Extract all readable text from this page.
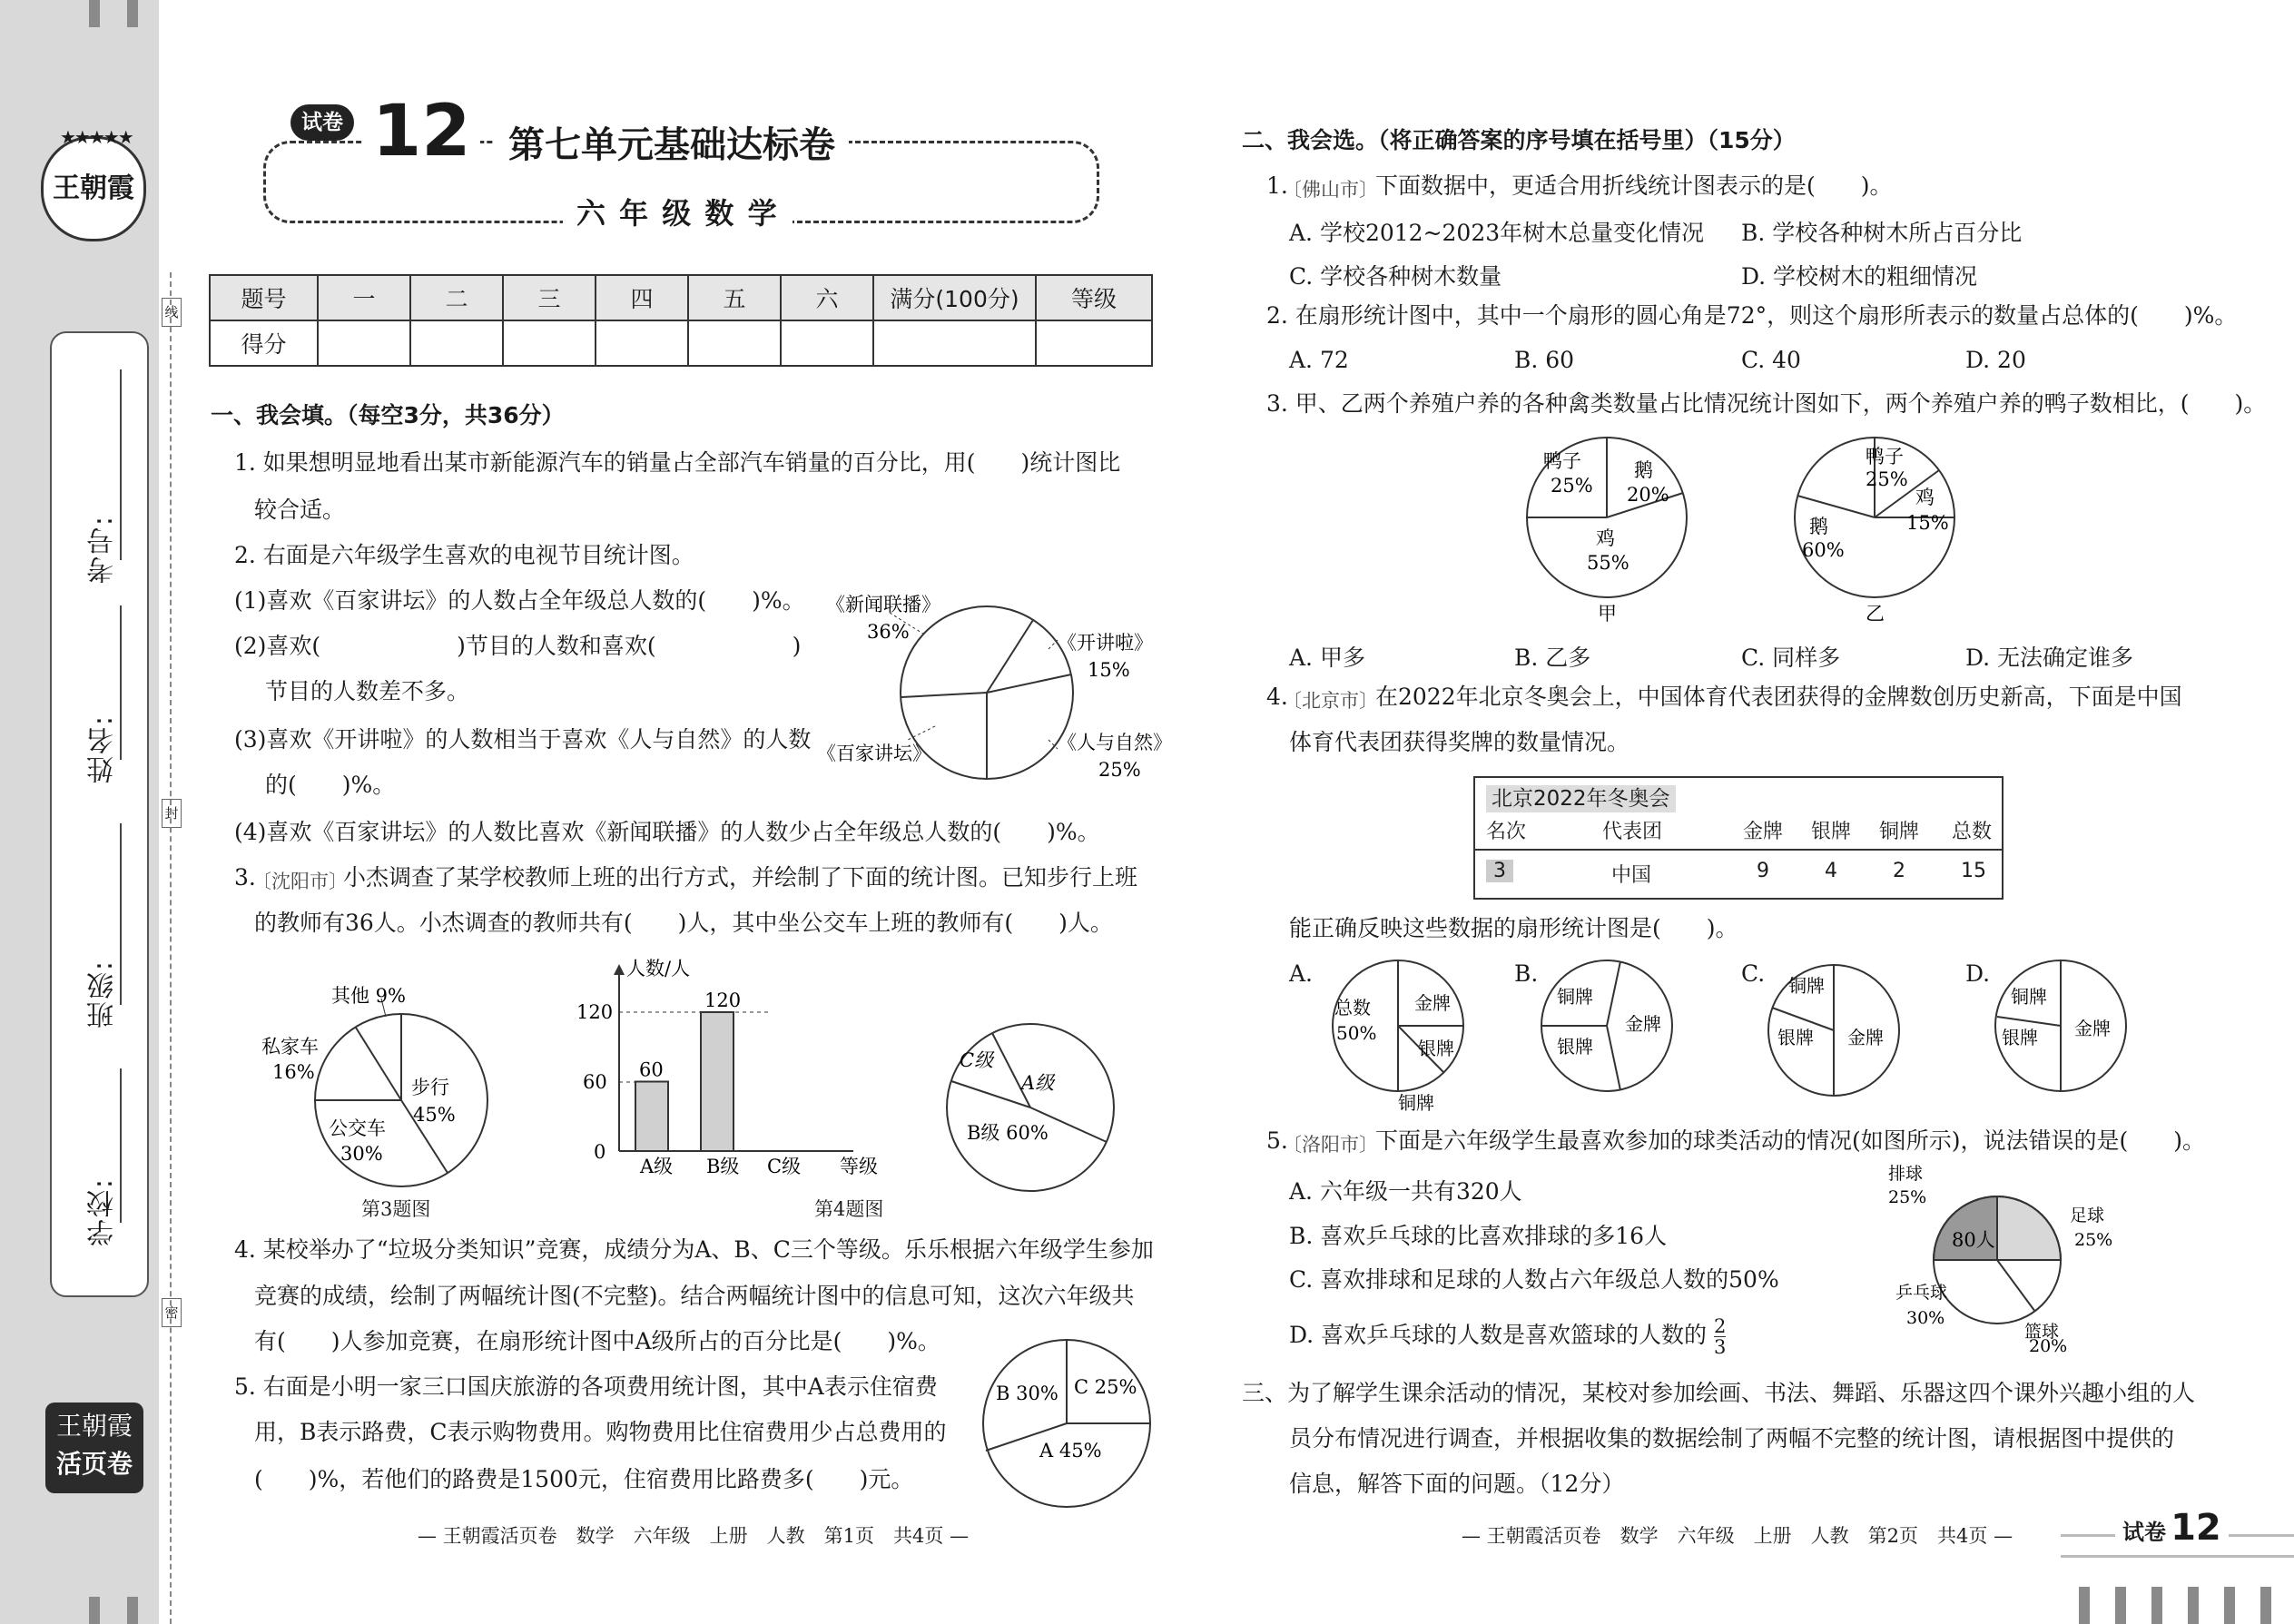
★★★★★
王朝霞
线
封
密
考号:
姓名:
班级:
学校:
王朝霞
活页卷
试卷 12	第七单元基础达标卷
六 年 级 数 学
题号	一	二	三	四	五	六	满分(100分)	等级
得分								
一、我会填。（每空3分，共36分）
1. 如果想明显地看出某市新能源汽车的销量占全部汽车销量的百分比，用(　　)统计图比
较合适。
2. 右面是六年级学生喜欢的电视节目统计图。
(1)喜欢《百家讲坛》的人数占全年级总人数的(　　)%。
(2)喜欢(　　　　　　)节目的人数和喜欢(　　　　　　)
节目的人数差不多。
(3)喜欢《开讲啦》的人数相当于喜欢《人与自然》的人数
的(　　)%。
(4)喜欢《百家讲坛》的人数比喜欢《新闻联播》的人数少占全年级总人数的(　　)%。
《新闻联播》
36%	《开讲啦》
15%
《人与自然》
25%
《百家讲坛》
3.
〔沈阳市〕
小杰调查了某学校教师上班的出行方式，并绘制了下面的统计图。已知步行上班
的教师有36人。小杰调查的教师共有(　　)人，其中坐公交车上班的教师有(　　)人。
其他 9%
私家车
16%
步行
45%
公交车
30%
第3题图
人数/人
120
60
0
60
120
A级 B级 C级 等级
第4题图
C级
A级
B级 60%
4. 某校举办了“垃圾分类知识”竞赛，成绩分为A、B、C三个等级。乐乐根据六年级学生参加
竞赛的成绩，绘制了两幅统计图(不完整)。结合两幅统计图中的信息可知，这次六年级共
有(　　)人参加竞赛，在扇形统计图中A级所占的百分比是(　　)%。
5. 右面是小明一家三口国庆旅游的各项费用统计图，其中A表示住宿费
用，B表示路费，C表示购物费用。购物费用比住宿费用少占总费用的
(　　)%，若他们的路费是1500元，住宿费用比路费多(　　)元。
B 30% C 25%
A 45%
— 王朝霞活页卷　数学　六年级　上册　人教　第1页　共4页 —
二、我会选。（将正确答案的序号填在括号里）（15分）
1.
〔佛山市〕
下面数据中，更适合用折线统计图表示的是(　　)。
A. 学校2012~2023年树木总量变化情况 B. 学校各种树木所占百分比
C. 学校各种树木数量	D. 学校树木的粗细情况
2. 在扇形统计图中，其中一个扇形的圆心角是72°，则这个扇形所表示的数量占总体的(　　)%。
A. 72	B. 60	C. 40	D. 20
3. 甲、乙两个养殖户养的各种禽类数量占比情况统计图如下，两个养殖户养的鸭子数相比，(　　)。
鸭子
25%
鹅
20%
鸡
55%
甲
鸭子
25%
鸡
15%
鹅
60%
乙
A. 甲多	B. 乙多	C. 同样多	D. 无法确定谁多
4.
〔北京市〕
在2022年北京冬奥会上，中国体育代表团获得的金牌数创历史新高，下面是中国
体育代表团获得奖牌的数量情况。
北京2022年冬奥会
名次	代表团	金牌 银牌 铜牌 总数
3	中国	9	4	2	15
能正确反映这些数据的扇形统计图是(　　)。
A.
总数
50%
金牌
银牌
铜牌
B.
铜牌
银牌
金牌
C. 铜牌
银牌 金牌
D.
铜牌
银牌 金牌
5.
〔洛阳市〕
下面是六年级学生最喜欢参加的球类活动的情况(如图所示)，说法错误的是(　　)。
A. 六年级一共有320人
B. 喜欢乒乓球的比喜欢排球的多16人
C. 喜欢排球和足球的人数占六年级总人数的50%
D. 喜欢乒乓球的人数是喜欢篮球的人数的 $\frac{2}{3}$
排球
25%
80人
足球
25%
乒乓球
30%
篮球
20%
三、为了解学生课余活动的情况，某校对参加绘画、书法、舞蹈、乐器这四个课外兴趣小组的人
员分布情况进行调查，并根据收集的数据绘制了两幅不完整的统计图，请根据图中提供的
信息，解答下面的问题。（12分）
— 王朝霞活页卷　数学　六年级　上册　人教　第2页　共4页 —	试卷 12
